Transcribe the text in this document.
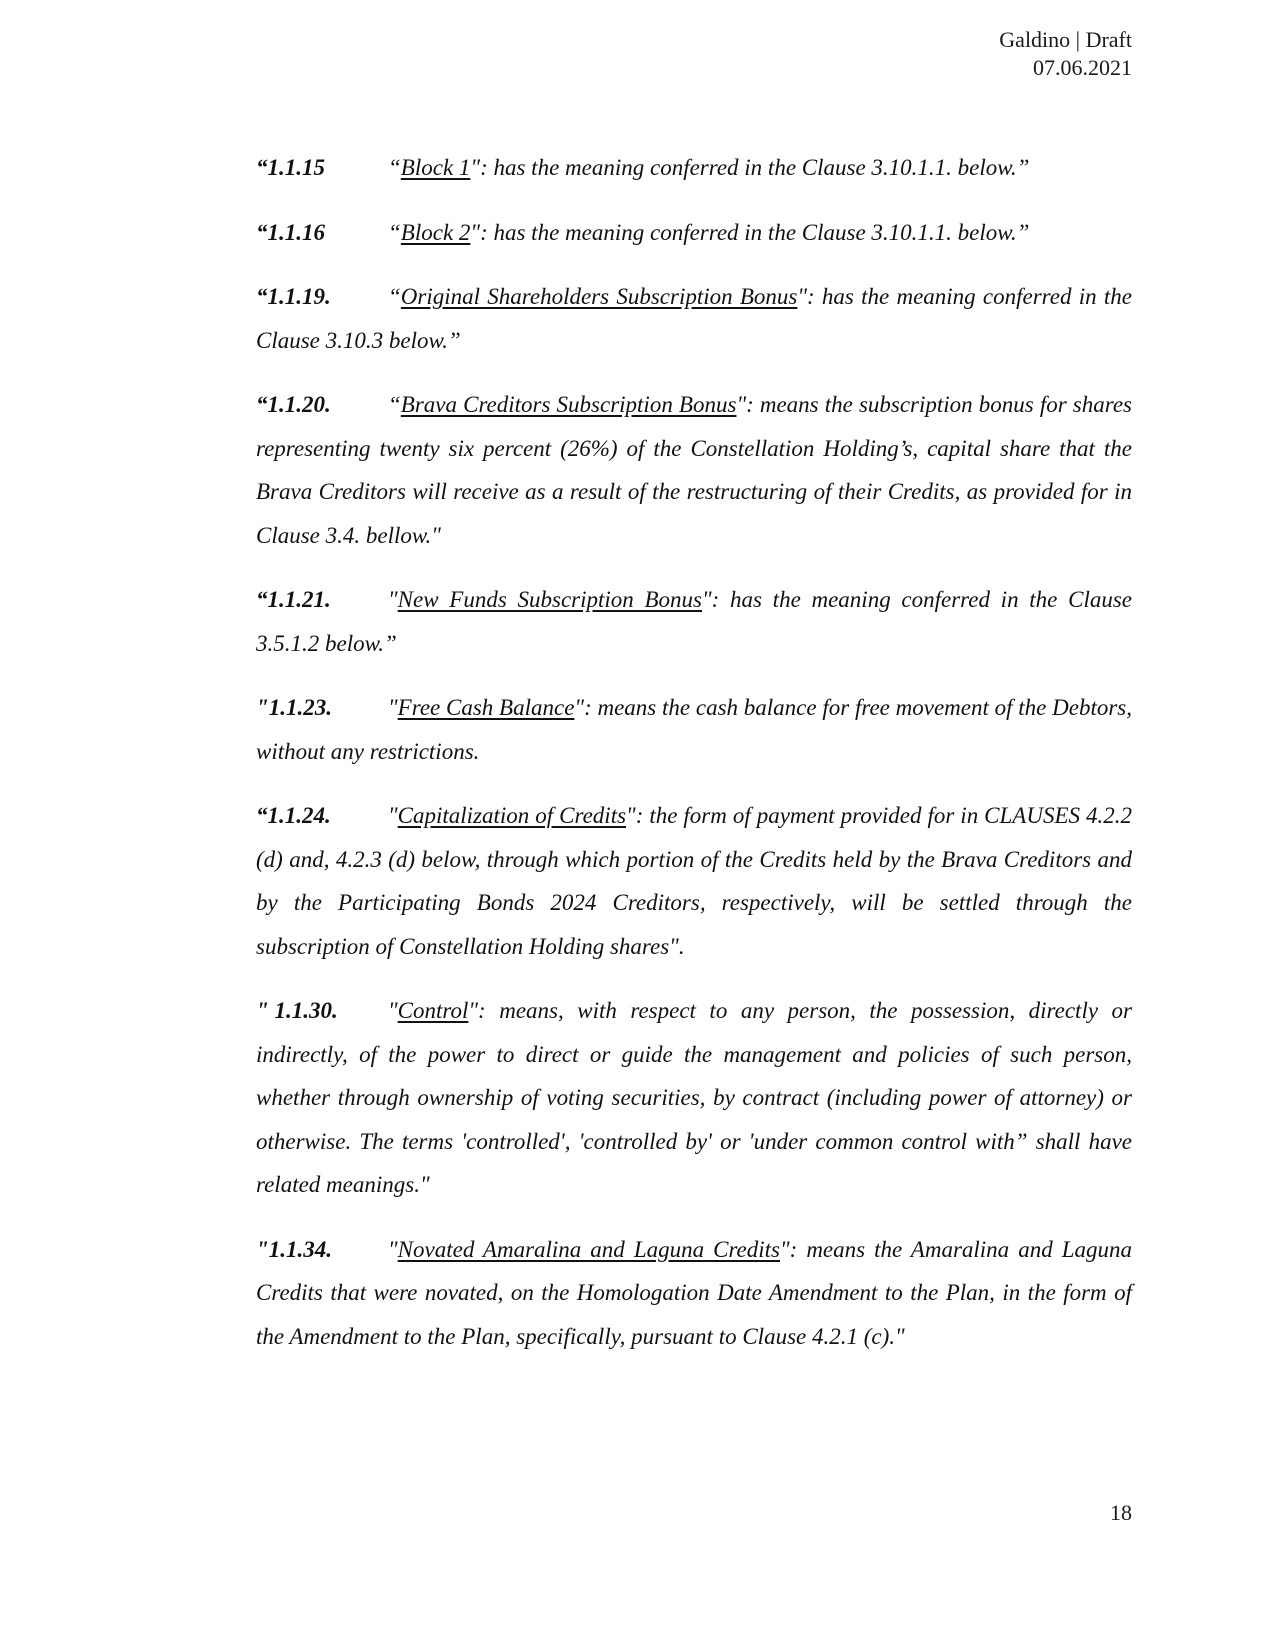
Galdino | Draft
07.06.2021

“1.1.15	“Block 1": has the meaning conferred in the Clause 3.10.1.1. below.”

“1.1.16	“Block 2": has the meaning conferred in the Clause 3.10.1.1. below.”

“1.1.19. “Original Shareholders Subscription Bonus": has the meaning conferred in the Clause 3.10.3 below.”

“1.1.20. “Brava Creditors Subscription Bonus": means the subscription bonus for shares representing twenty six percent (26%) of the Constellation Holding’s, capital share that the Brava Creditors will receive as a result of the restructuring of their Credits, as provided for in Clause 3.4. bellow."

“1.1.21. "New Funds Subscription Bonus": has the meaning conferred in the Clause 3.5.1.2 below.”

"1.1.23. "Free Cash Balance": means the cash balance for free movement of the Debtors, without any restrictions.

“1.1.24. "Capitalization of Credits": the form of payment provided for in CLAUSES 4.2.2 (d) and, 4.2.3 (d) below, through which portion of the Credits held by the Brava Creditors and by the Participating Bonds 2024 Creditors, respectively, will be settled through the subscription of Constellation Holding shares".

" 1.1.30. "Control": means, with respect to any person, the possession, directly or indirectly, of the power to direct or guide the management and policies of such person, whether through ownership of voting securities, by contract (including power of attorney) or otherwise. The terms 'controlled', 'controlled by' or 'under common control with” shall have related meanings."

"1.1.34. "Novated Amaralina and Laguna Credits": means the Amaralina and Laguna Credits that were novated, on the Homologation Date Amendment to the Plan, in the form of the Amendment to the Plan, specifically, pursuant to Clause 4.2.1 (c)."

18
